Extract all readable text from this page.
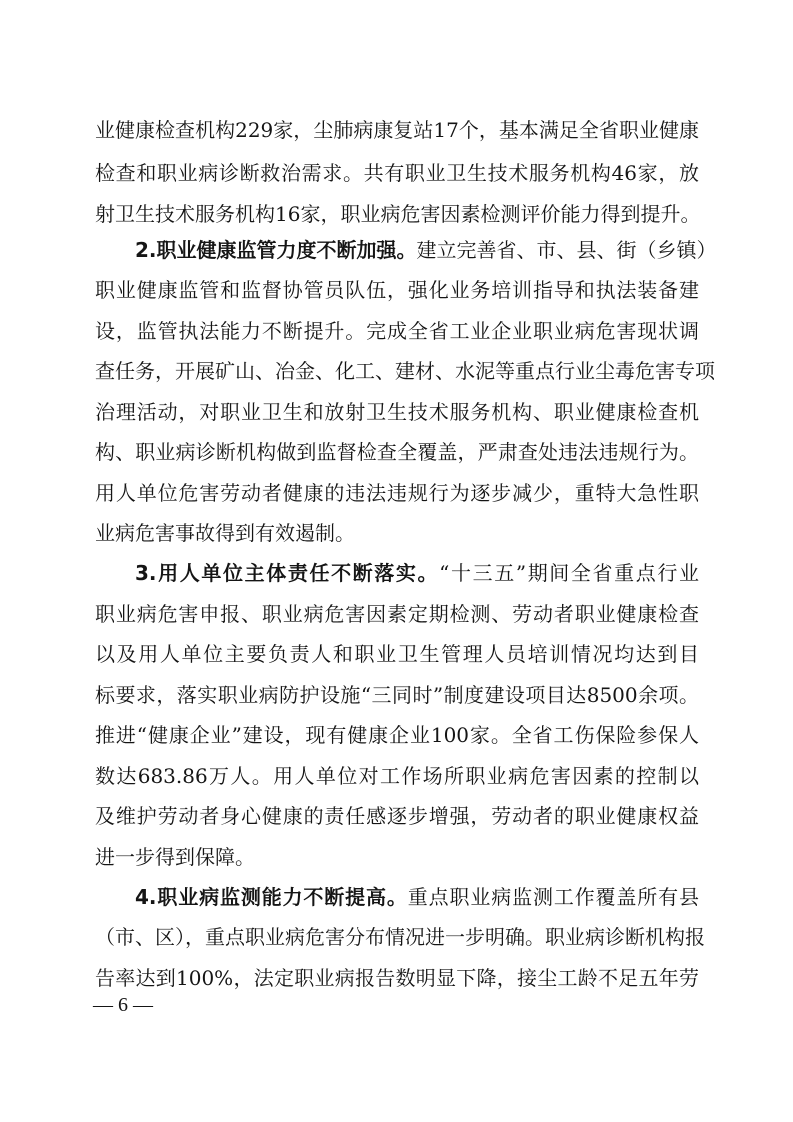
业健康检查机构229家，尘肺病康复站17个，基本满足全省职业健康
检查和职业病诊断救治需求。共有职业卫生技术服务机构46家，放
射卫生技术服务机构16家，职业病危害因素检测评价能力得到提升。
2.职业健康监管力度不断加强。建立完善省、市、县、街（乡镇）
职业健康监管和监督协管员队伍，强化业务培训指导和执法装备建
设，监管执法能力不断提升。完成全省工业企业职业病危害现状调
查任务，开展矿山、冶金、化工、建材、水泥等重点行业尘毒危害专项
治理活动，对职业卫生和放射卫生技术服务机构、职业健康检查机
构、职业病诊断机构做到监督检查全覆盖，严肃查处违法违规行为。
用人单位危害劳动者健康的违法违规行为逐步减少，重特大急性职
业病危害事故得到有效遏制。
3.用人单位主体责任不断落实。“十三五”期间全省重点行业
职业病危害申报、职业病危害因素定期检测、劳动者职业健康检查
以及用人单位主要负责人和职业卫生管理人员培训情况均达到目
标要求，落实职业病防护设施“三同时”制度建设项目达8500余项。
推进“健康企业”建设，现有健康企业100家。全省工伤保险参保人
数达683.86万人。用人单位对工作场所职业病危害因素的控制以
及维护劳动者身心健康的责任感逐步增强，劳动者的职业健康权益
进一步得到保障。
4.职业病监测能力不断提高。重点职业病监测工作覆盖所有县
（市、区），重点职业病危害分布情况进一步明确。职业病诊断机构报
告率达到100%，法定职业病报告数明显下降，接尘工龄不足五年劳
— 6 —
